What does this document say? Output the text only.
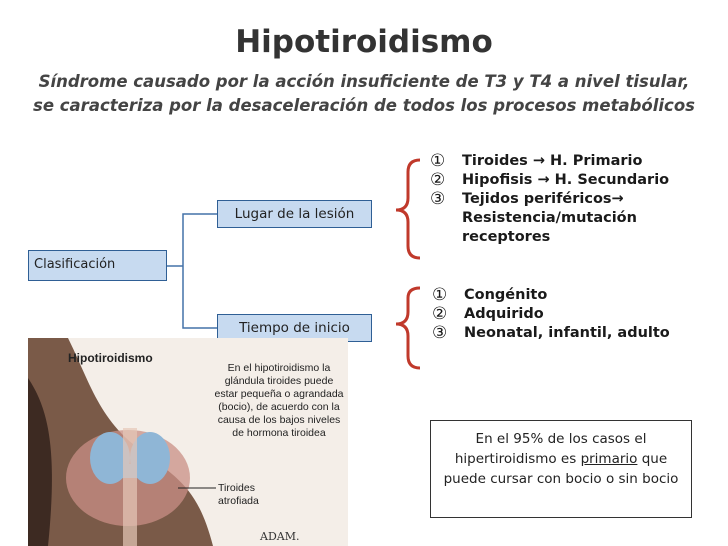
Hipotiroidismo
Síndrome causado por la acción insuficiente de T3 y T4 a nivel tisular, se caracteriza por la desaceleración de todos los procesos metabólicos
Clasificación
Lugar de la lesión
Tiempo de inicio
① Tiroides → H. Primario
② Hipofisis → H. Secundario
③ Tejidos periféricos→ Resistencia/mutación receptores
① Congénito
② Adquirido
③ Neonatal, infantil, adulto
Hipotiroidismo
En el hipotiroidismo la glándula tiroides puede estar pequeña o agrandada (bocio), de acuerdo con la causa de los bajos niveles de hormona tiroidea
Tiroides atrofiada
ADAM.
En el 95% de los casos el hipertiroidismo es primario que puede cursar con bocio o sin bocio
